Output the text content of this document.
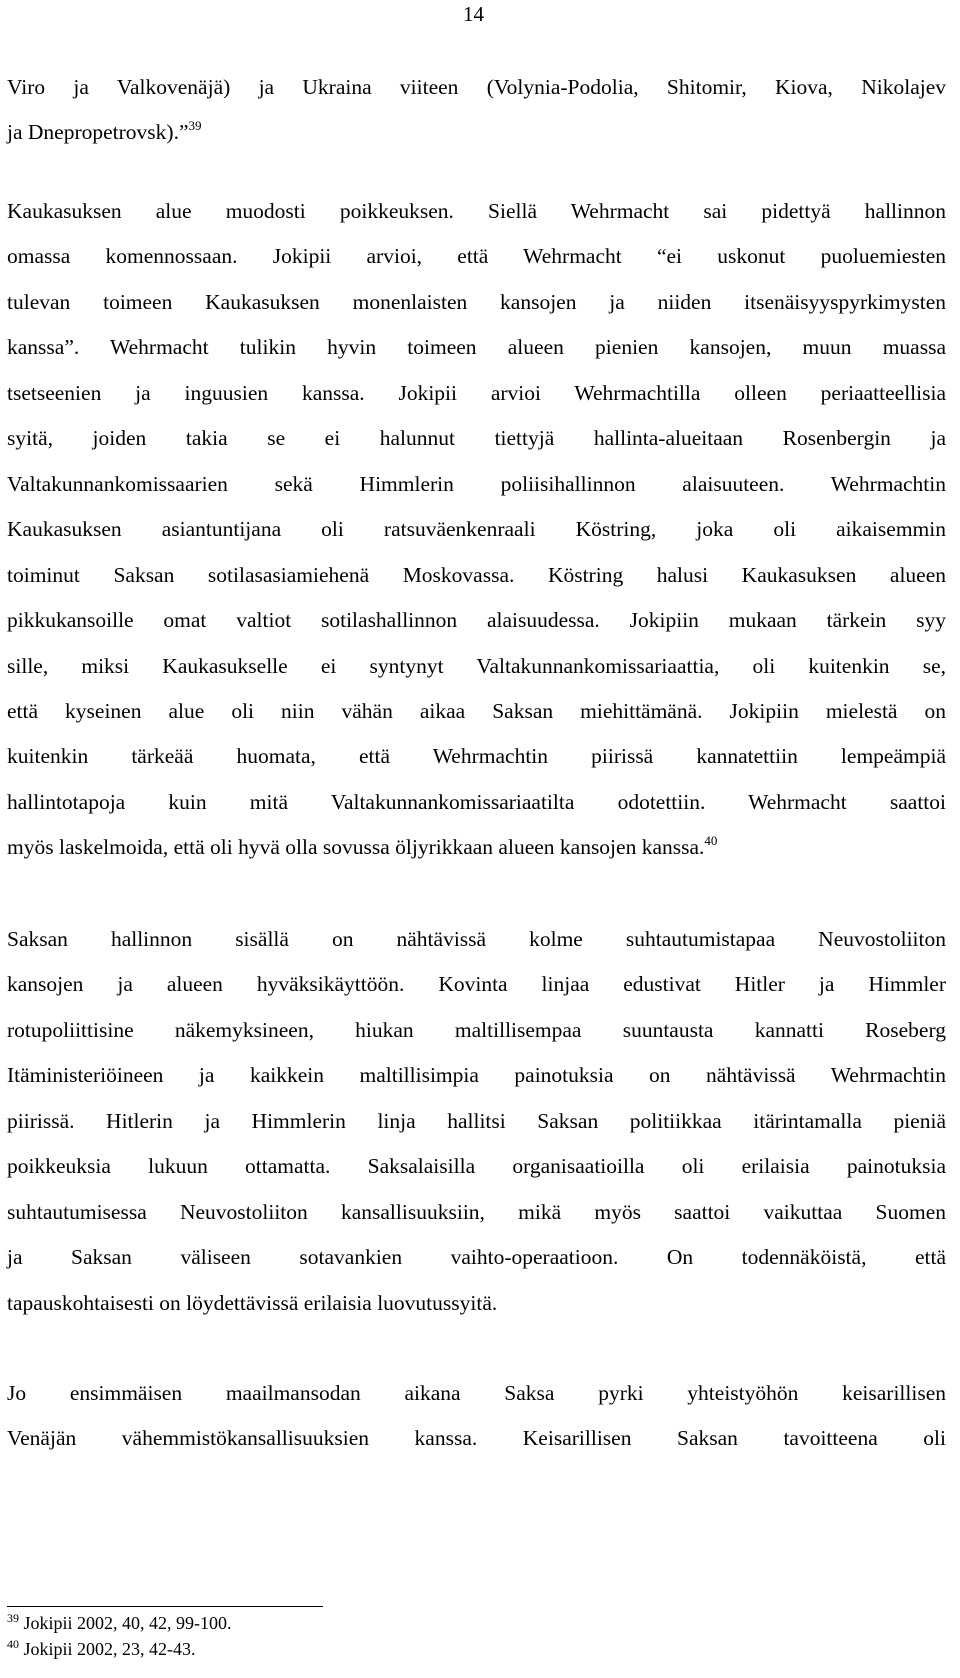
14
Viro ja Valkovenäjä) ja Ukraina viiteen (Volynia-Podolia, Shitomir, Kiova, Nikolajev
ja Dnepropetrovsk).”$^{39}$
Kaukasuksen alue muodosti poikkeuksen. Siellä Wehrmacht sai pidettyä hallinnon
omassa komennossaan. Jokipii arvioi, että Wehrmacht “ei uskonut puoluemiesten
tulevan toimeen Kaukasuksen monenlaisten kansojen ja niiden itsenäisyyspyrkimysten
kanssa”. Wehrmacht tulikin hyvin toimeen alueen pienien kansojen, muun muassa
tsetseenien ja inguusien kanssa. Jokipii arvioi Wehrmachtilla olleen periaatteellisia
syitä, joiden takia se ei halunnut tiettyjä hallinta-alueitaan Rosenbergin ja
Valtakunnankomissaarien sekä Himmlerin poliisihallinnon alaisuuteen. Wehrmachtin
Kaukasuksen asiantuntijana oli ratsuväenkenraali Köstring, joka oli aikaisemmin
toiminut Saksan sotilasasiamiehenä Moskovassa. Köstring halusi Kaukasuksen alueen
pikkukansoille omat valtiot sotilashallinnon alaisuudessa. Jokipiin mukaan tärkein syy
sille, miksi Kaukasukselle ei syntynyt Valtakunnankomissariaattia, oli kuitenkin se,
että kyseinen alue oli niin vähän aikaa Saksan miehittämänä. Jokipiin mielestä on
kuitenkin tärkeää huomata, että Wehrmachtin piirissä kannatettiin lempeämpiä
hallintotapoja kuin mitä Valtakunnankomissariaatilta odotettiin. Wehrmacht saattoi
myös laskelmoida, että oli hyvä olla sovussa öljyrikkaan alueen kansojen kanssa.$^{40}$
Saksan hallinnon sisällä on nähtävissä kolme suhtautumistapaa Neuvostoliiton
kansojen ja alueen hyväksikäyttöön. Kovinta linjaa edustivat Hitler ja Himmler
rotupoliittisine näkemyksineen, hiukan maltillisempaa suuntausta kannatti Roseberg
Itäministeriöineen ja kaikkein maltillisimpia painotuksia on nähtävissä Wehrmachtin
piirissä. Hitlerin ja Himmlerin linja hallitsi Saksan politiikkaa itärintamalla pieniä
poikkeuksia lukuun ottamatta. Saksalaisilla organisaatioilla oli erilaisia painotuksia
suhtautumisessa Neuvostoliiton kansallisuuksiin, mikä myös saattoi vaikuttaa Suomen
ja Saksan väliseen sotavankien vaihto-operaatioon. On todennäköistä, että
tapauskohtaisesti on löydettävissä erilaisia luovutussyitä.
Jo ensimmäisen maailmansodan aikana Saksa pyrki yhteistyöhön keisarillisen
Venäjän vähemmistökansallisuuksien kanssa. Keisarillisen Saksan tavoitteena oli
$^{39}$ Jokipii 2002, 40, 42, 99-100.
$^{40}$ Jokipii 2002, 23, 42-43.
